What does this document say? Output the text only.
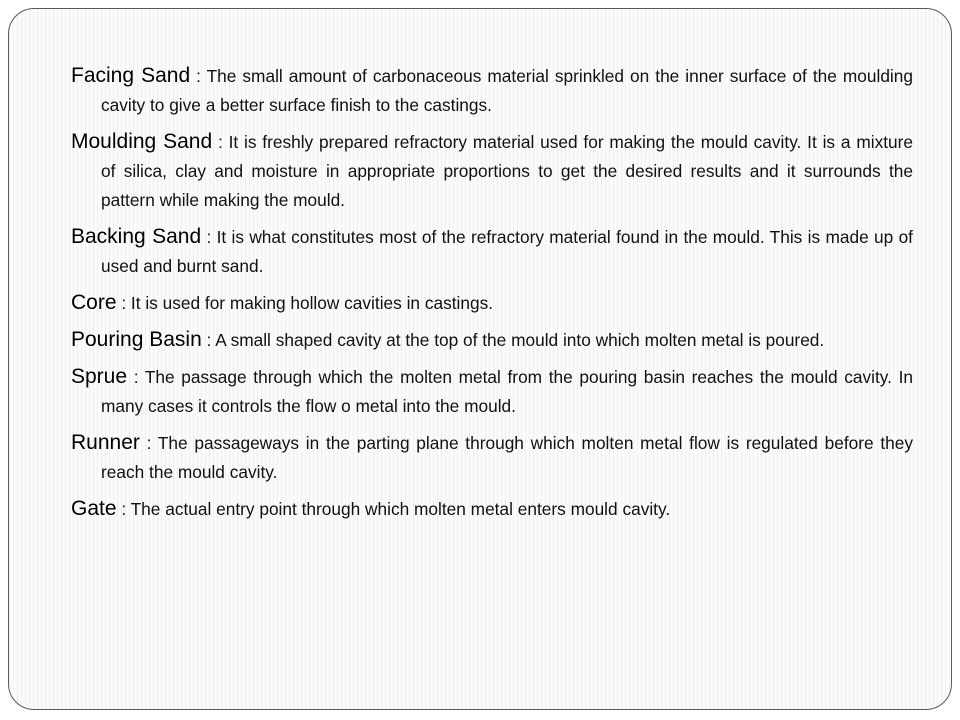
Facing Sand : The small amount of carbonaceous material sprinkled on the inner surface of the moulding cavity to give a better surface finish to the castings.

Moulding Sand : It is freshly prepared refractory material used for making the mould cavity. It is a mixture of silica, clay and moisture in appropriate proportions to get the desired results and it surrounds the pattern while making the mould.

Backing Sand : It is what constitutes most of the refractory material found in the mould. This is made up of used and burnt sand.

Core : It is used for making hollow cavities in castings.

Pouring Basin : A small shaped cavity at the top of the mould into which molten metal is poured.

Sprue : The passage through which the molten metal from the pouring basin reaches the mould cavity. In many cases it controls the flow o metal into the mould.

Runner : The passageways in the parting plane through which molten metal flow is regulated before they reach the mould cavity.

Gate : The actual entry point through which molten metal enters mould cavity.
